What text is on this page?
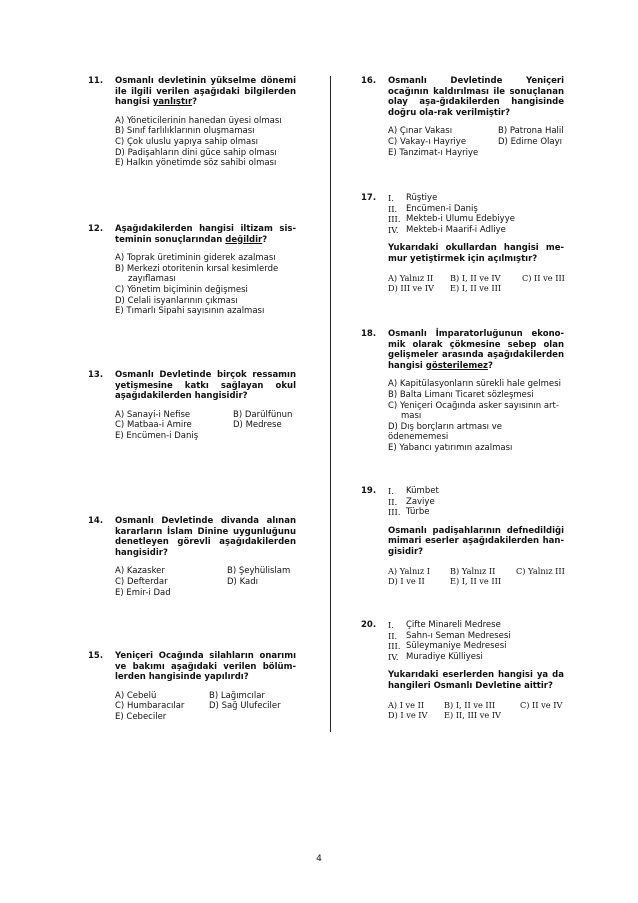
11.	Osmanlı devletinin yükselme dönemi ile ilgili verilen aşağıdaki bilgilerden hangisi yanlıştır?
A) Yöneticilerinin hanedan üyesi olması
B) Sınıf farlılıklarının oluşmaması
C) Çok uluslu yapıya sahip olması
D) Padişahların dini güce sahip olması
E) Halkın yönetimde söz sahibi olması
12.	Aşağıdakilerden hangisi iltizam sis-teminin sonuçlarından değildir?
A) Toprak üretiminin giderek azalması
B) Merkezi otoritenin kırsal kesimlerde
zayıflaması
C) Yönetim biçiminin değişmesi
D) Celali isyanlarının çıkması
E) Tımarlı Sipahi sayısının azalması
13.	Osmanlı Devletinde birçok ressamın yetişmesine katkı sağlayan okul aşağıdakilerden hangisidir?
A) Sanayi-i Nefise	B) Darülfünun
C) Matbaa-i Amire	D) Medrese
E) Encümen-i Daniş
14.	Osmanlı Devletinde divanda alınan kararların İslam Dinine uygunluğunu denetleyen görevli aşağıdakilerden hangisidir?
A) Kazasker	B) Şeyhülislam
C) Defterdar	D) Kadı
E) Emir-i Dad
15.	Yeniçeri Ocağında silahların onarımı ve bakımı aşağıdaki verilen bölüm-lerden hangisinde yapılırdı?
A) Cebelü	B) Lağımcılar
C) Humbaracılar	D) Sağ Ulufeciler
E) Cebeciler
16.	Osmanlı Devletinde Yeniçeri ocağının kaldırılması ile sonuçlanan olay aşa-ğıdakilerden hangisinde doğru ola-rak verilmiştir?
A) Çınar Vakası	B) Patrona Halil
C) Vakay-ı Hayriye	D) Edirne Olayı
E) Tanzimat-ı Hayriye
17.	I.	Rüştiye
II.	Encümen-i Daniş
III. Mekteb-i Ulumu Edebiyye
IV. Mekteb-i Maarif-i Adliye
Yukarıdaki okullardan hangisi me-mur yetiştirmek için açılmıştır?
A) Yalnız II	B) I, II ve IV	C) II ve III
D) III ve IV	E) I, II ve III
18.	Osmanlı İmparatorluğunun ekono-mik olarak çökmesine sebep olan gelişmeler arasında aşağıdakilerden hangisi gösterilemez?
A) Kapitülasyonların sürekli hale gelmesi
B) Balta Limanı Ticaret sözleşmesi
C) Yeniçeri Ocağında asker sayısının art-
ması
D) Dış borçların artması ve ödenememesi
E) Yabancı yatırımın azalması
19.	I.	Kümbet
II.	Zaviye
III. Türbe
Osmanlı padişahlarının defnedildiği mimari eserler aşağıdakilerden han-gisidir?
A) Yalnız I	B) Yalnız II	C) Yalnız III
D) I ve II	E) I, II ve III
20.	I.	Çifte Minareli Medrese
II.	Sahn-ı Seman Medresesi
III. Süleymaniye Medresesi
IV. Muradiye Külliyesi
Yukarıdaki eserlerden hangisi ya da hangileri Osmanlı Devletine aittir?
A) I ve II	B) I, II ve III	C) II ve IV
D) I ve IV	E) II, III ve IV
4
